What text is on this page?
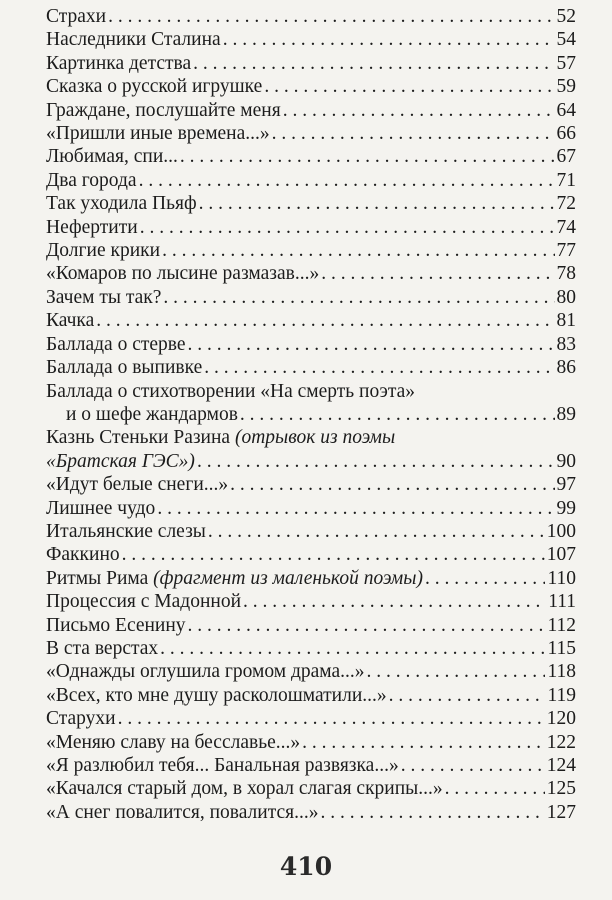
Страхи . . .	52
Наследники Сталина . . .	54
Картинка детства . . .	57
Сказка о русской игрушке . . .	59
Граждане, послушайте меня . . .	64
«Пришли иные времена...» . . .	66
Любимая, спи... . . .	67
Два города . . .	71
Так уходила Пьяф . . .	72
Нефертити . . .	74
Долгие крики . . .	77
«Комаров по лысине размазав...» . . .	78
Зачем ты так? . . .	80
Качка . . .	81
Баллада о стерве . . .	83
Баллада о выпивке . . .	86
Баллада о стихотворении «На смерть поэта»
и о шефе жандармов . . .	89
Казнь Стеньки Разина (отрывок из поэмы
«Братская ГЭС») . . .	90
«Идут белые снеги...» . . .	97
Лишнее чудо . . .	99
Итальянские слезы . . .	100
Факкино . . .	107
Ритмы Рима (фрагмент из маленькой поэмы) . . .	110
Процессия с Мадонной . . .	111
Письмо Есенину . . .	112
В ста верстах . . .	115
«Однажды оглушила громом драма...» . . .	118
«Всех, кто мне душу расколошматили...» . . .	119
Старухи . . .	120
«Меняю славу на бесславье...» . . .	122
«Я разлюбил тебя... Банальная развязка...» . . .	124
«Качался старый дом, в хорал слагая скрипы...» . . .	125
«А снег повалится, повалится...» . . .	127
410
